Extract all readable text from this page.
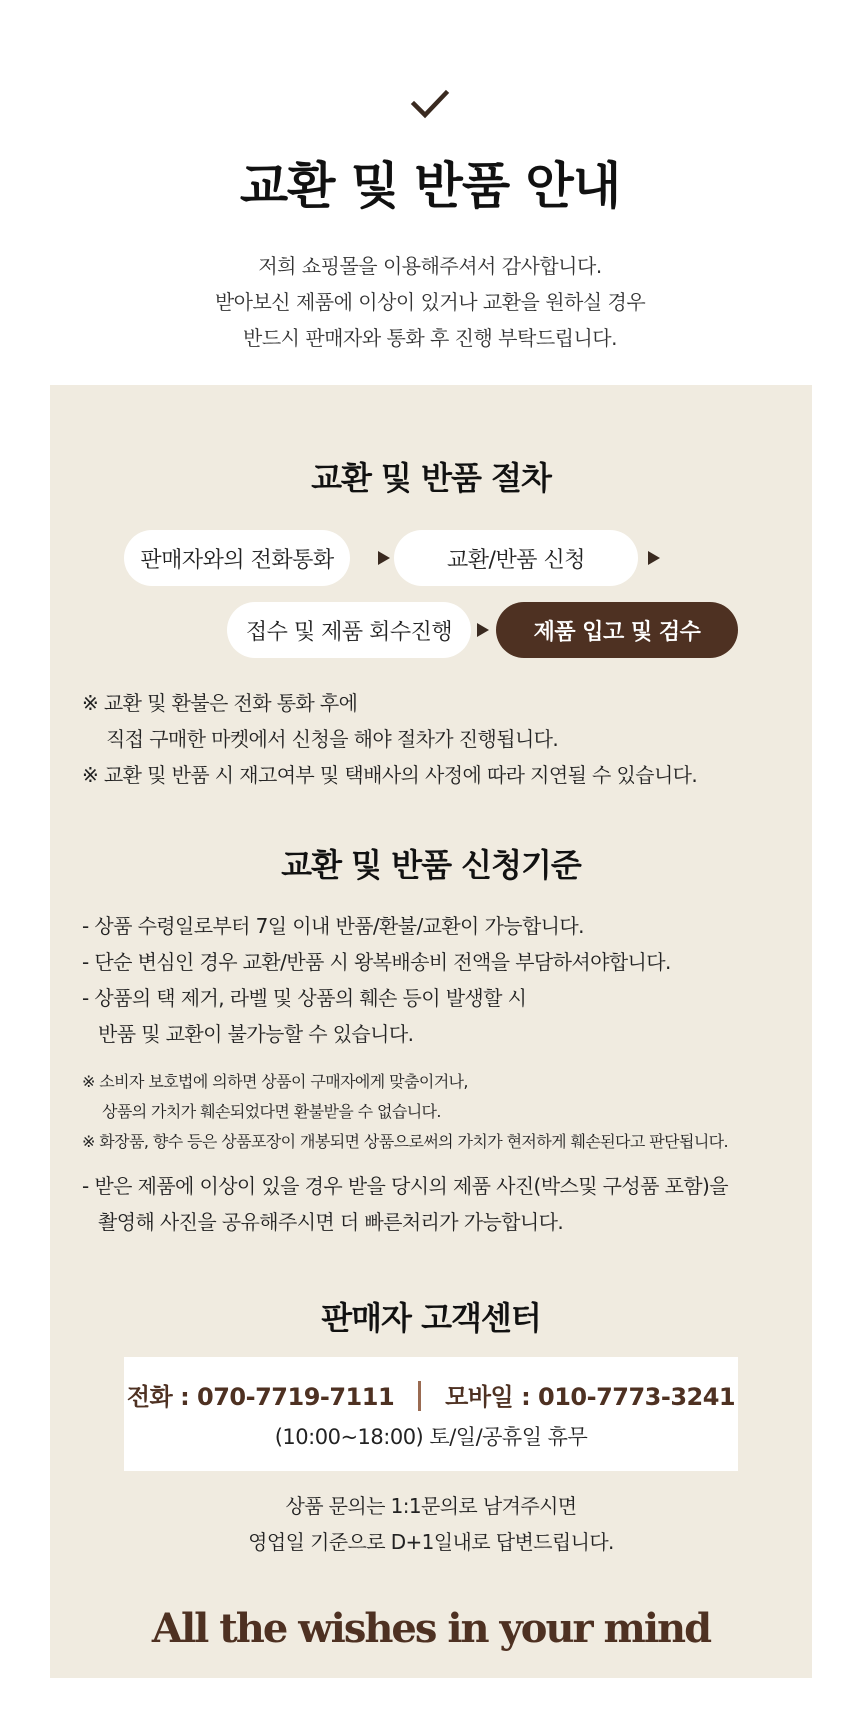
교환 및 반품 안내
저희 쇼핑몰을 이용해주셔서 감사합니다.
받아보신 제품에 이상이 있거나 교환을 원하실 경우
반드시 판매자와 통화 후 진행 부탁드립니다.
교환 및 반품 절차
판매자와의 전화통화	교환/반품 신청
접수 및 제품 회수진행	제품 입고 및 검수
※ 교환 및 환불은 전화 통화 후에
직접 구매한 마켓에서 신청을 해야 절차가 진행됩니다.
※ 교환 및 반품 시 재고여부 및 택배사의 사정에 따라 지연될 수 있습니다.
교환 및 반품 신청기준
- 상품 수령일로부터 7일 이내 반품/환불/교환이 가능합니다.
- 단순 변심인 경우 교환/반품 시 왕복배송비 전액을 부담하셔야합니다.
- 상품의 택 제거, 라벨 및 상품의 훼손 등이 발생할 시
반품 및 교환이 불가능할 수 있습니다.
※ 소비자 보호법에 의하면 상품이 구매자에게 맞춤이거나,
상품의 가치가 훼손되었다면 환불받을 수 없습니다.
※ 화장품, 향수 등은 상품포장이 개봉되면 상품으로써의 가치가 현저하게 훼손된다고 판단됩니다.
- 받은 제품에 이상이 있을 경우 받을 당시의 제품 사진(박스및 구성품 포함)을
촬영해 사진을 공유해주시면 더 빠른처리가 가능합니다.
판매자 고객센터
전화 : 070-7719-7111 모바일 : 010-7773-3241
(10:00~18:00) 토/일/공휴일 휴무
상품 문의는 1:1문의로 남겨주시면
영업일 기준으로 D+1일내로 답변드립니다.
All the wishes in your mind
